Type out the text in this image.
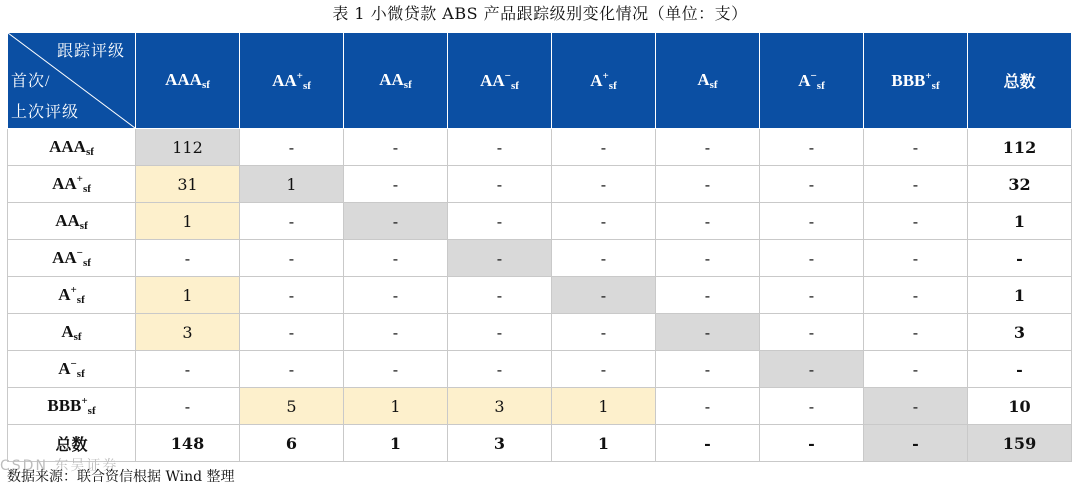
表 1 小微贷款 ABS 产品跟踪级别变化情况（单位：支）
跟踪评级
首次/
上次评级	$AAA_{sf}$	$AA^+_{sf}$	$AA_{sf}$	$AA^-_{sf}$	$A^+_{sf}$	$A_{sf}$	$A^-_{sf}$	$BBB^+_{sf}$	总数
$AAA_{sf}$	112	-	-	-	-	-	-	-	112
$AA^+_{sf}$	31	1	-	-	-	-	-	-	32
$AA_{sf}$	1	-	-	-	-	-	-	-	1
$AA^-_{sf}$	-	-	-	-	-	-	-	-	-
$A^+_{sf}$	1	-	-	-	-	-	-	-	1
$A_{sf}$	3	-	-	-	-	-	-	-	3
$A^-_{sf}$	-	-	-	-	-	-	-	-	-
$BBB^+_{sf}$	-	5	1	3	1	-	-	-	10
总数	148	6	1	3	1	-	-	-	159
CSDN 东吴证券
数据来源：联合资信根据 Wind 整理
